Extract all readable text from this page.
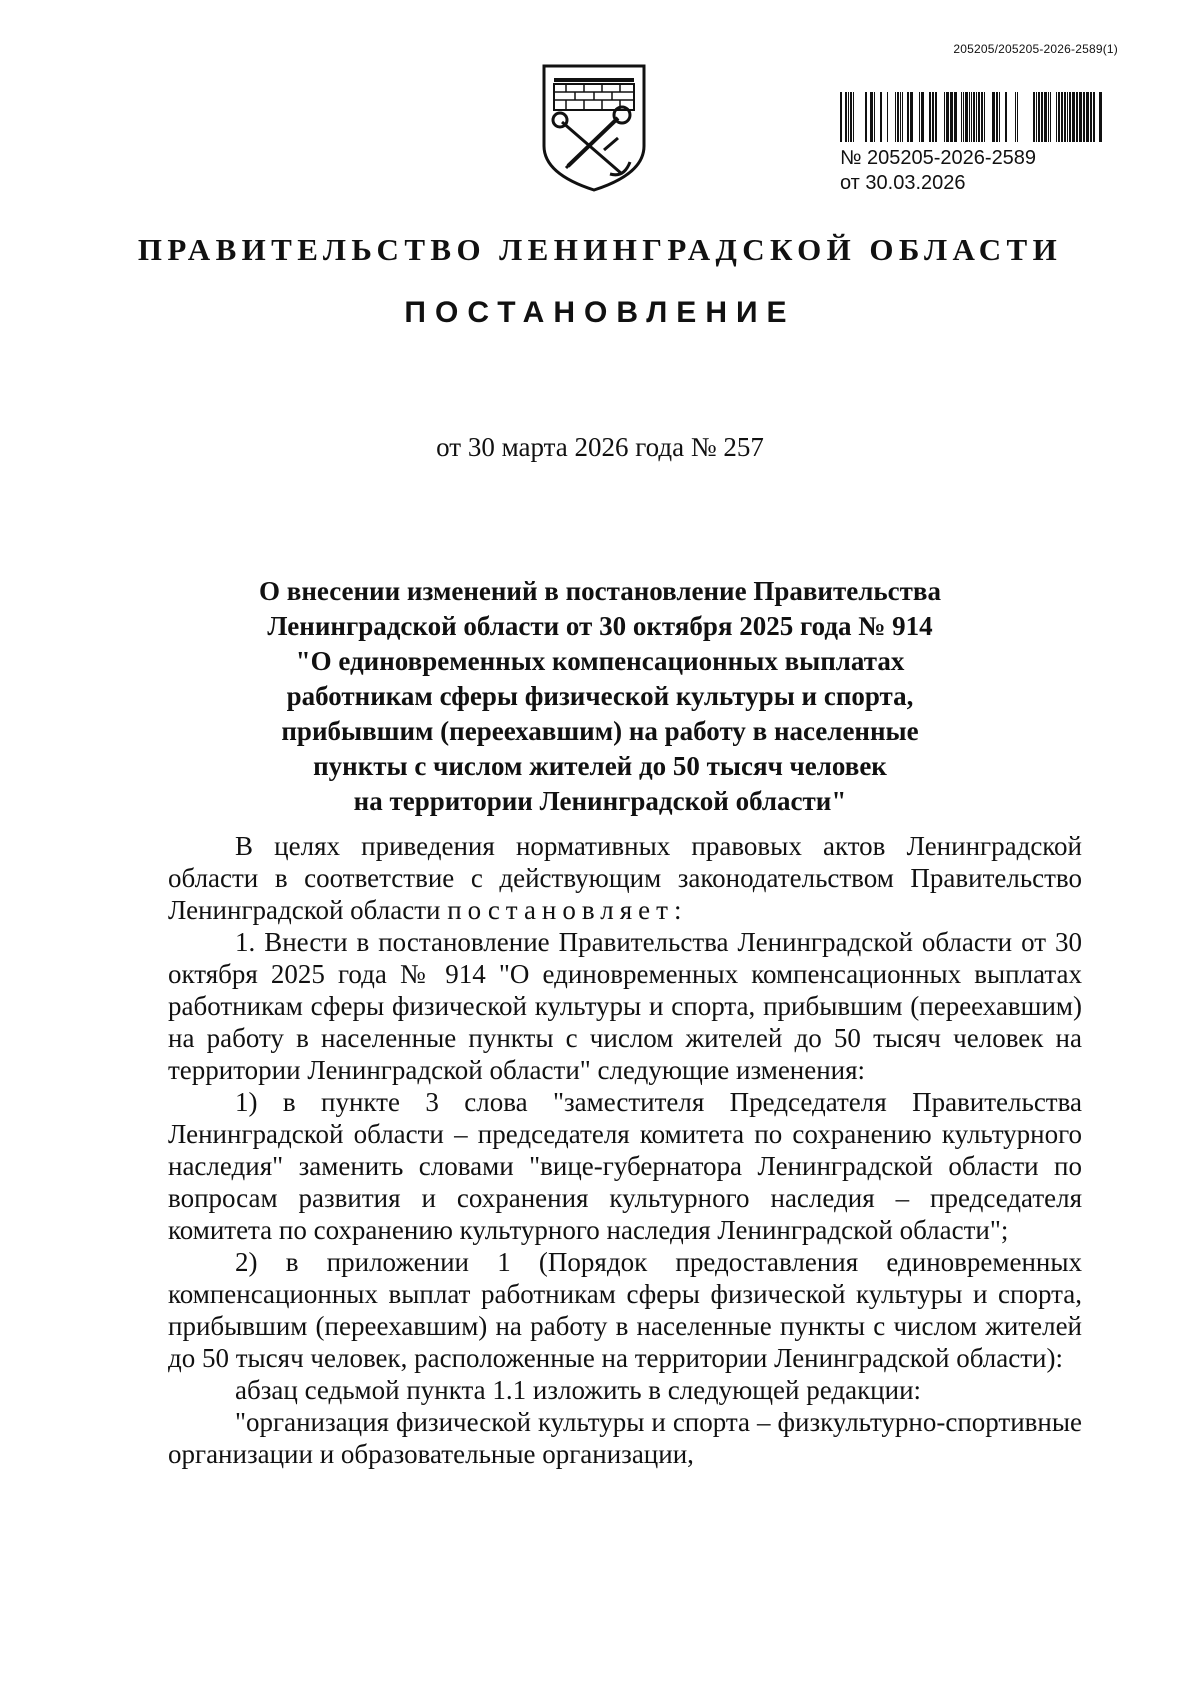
205205/205205-2026-2589(1)
№ 205205-2026-2589
от 30.03.2026
ПРАВИТЕЛЬСТВО ЛЕНИНГРАДСКОЙ ОБЛАСТИ
ПОСТАНОВЛЕНИЕ
от 30 марта 2026 года № 257
О внесении изменений в постановление Правительства
Ленинградской области от 30 октября 2025 года № 914
"О единовременных компенсационных выплатах
работникам сферы физической культуры и спорта,
прибывшим (переехавшим) на работу в населенные
пункты с числом жителей до 50 тысяч человек
на территории Ленинградской области"

В целях приведения нормативных правовых актов Ленинградской области в соответствие с действующим законодательством Правительство Ленинградской области постановляет:

1. Внести в постановление Правительства Ленинградской области от 30 октября 2025 года № 914 "О единовременных компенсационных выплатах работникам сферы физической культуры и спорта, прибывшим (переехавшим) на работу в населенные пункты с числом жителей до 50 тысяч человек на территории Ленинградской области" следующие изменения:

1) в пункте 3 слова "заместителя Председателя Правительства Ленинградской области – председателя комитета по сохранению культурного наследия" заменить словами "вице-губернатора Ленинградской области по вопросам развития и сохранения культурного наследия – председателя комитета по сохранению культурного наследия Ленинградской области";

2) в приложении 1 (Порядок предоставления единовременных компенсационных выплат работникам сферы физической культуры и спорта, прибывшим (переехавшим) на работу в населенные пункты с числом жителей до 50 тысяч человек, расположенные на территории Ленинградской области):

абзац седьмой пункта 1.1 изложить в следующей редакции:

"организация физической культуры и спорта – физкультурно-спортивные организации и образовательные организации,
